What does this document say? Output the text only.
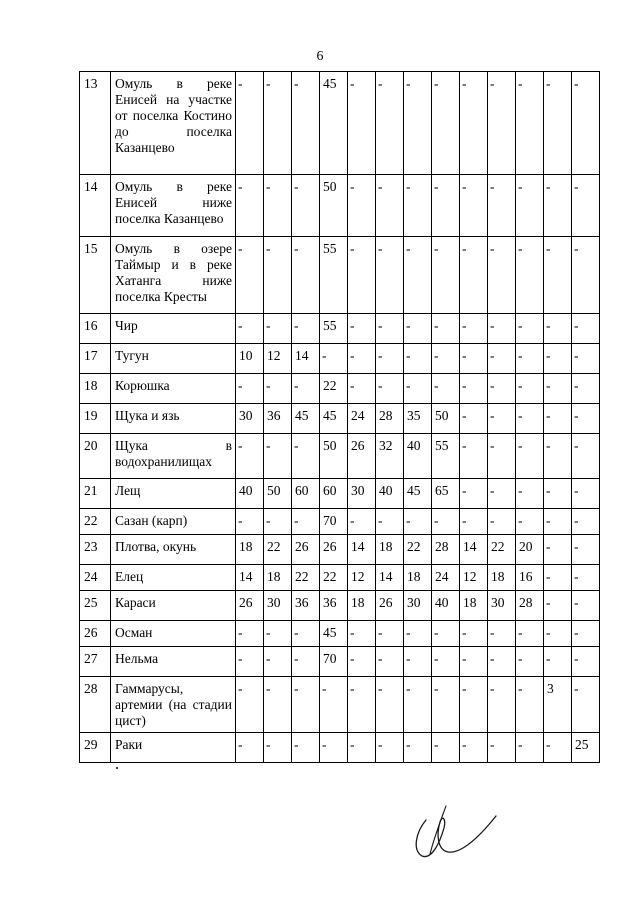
6
13	Омуль в реке Енисей на участке от поселка Костино до поселка Казанцево	-	-	-	45	-	-	-	-	-	-	-	-	-
14	Омуль в реке Енисей ниже поселка Казанцево	-	-	-	50	-	-	-	-	-	-	-	-	-
15	Омуль в озере Таймыр и в реке Хатанга ниже поселка Кресты	-	-	-	55	-	-	-	-	-	-	-	-	-
16	Чир	-	-	-	55	-	-	-	-	-	-	-	-	-
17	Тугун	10	12	14	-	-	-	-	-	-	-	-	-	-
18	Корюшка	-	-	-	22	-	-	-	-	-	-	-	-	-
19	Щука и язь	30	36	45	45	24	28	35	50	-	-	-	-	-
20	Щука в водохранилищах	-	-	-	50	26	32	40	55	-	-	-	-	-
21	Лещ	40	50	60	60	30	40	45	65	-	-	-	-	-
22	Сазан (карп)	-	-	-	70	-	-	-	-	-	-	-	-	-
23	Плотва, окунь	18	22	26	26	14	18	22	28	14	22	20	-	-
24	Елец	14	18	22	22	12	14	18	24	12	18	16	-	-
25	Караси	26	30	36	36	18	26	30	40	18	30	28	-	-
26	Осман	-	-	-	45	-	-	-	-	-	-	-	-	-
27	Нельма	-	-	-	70	-	-	-	-	-	-	-	-	-
28	Гаммарусы, артемии (на стадии цист)	-	-	-	-	-	-	-	-	-	-	-	3	-
29	Раки	-	-	-	-	-	-	-	-	-	-	-	-	25
